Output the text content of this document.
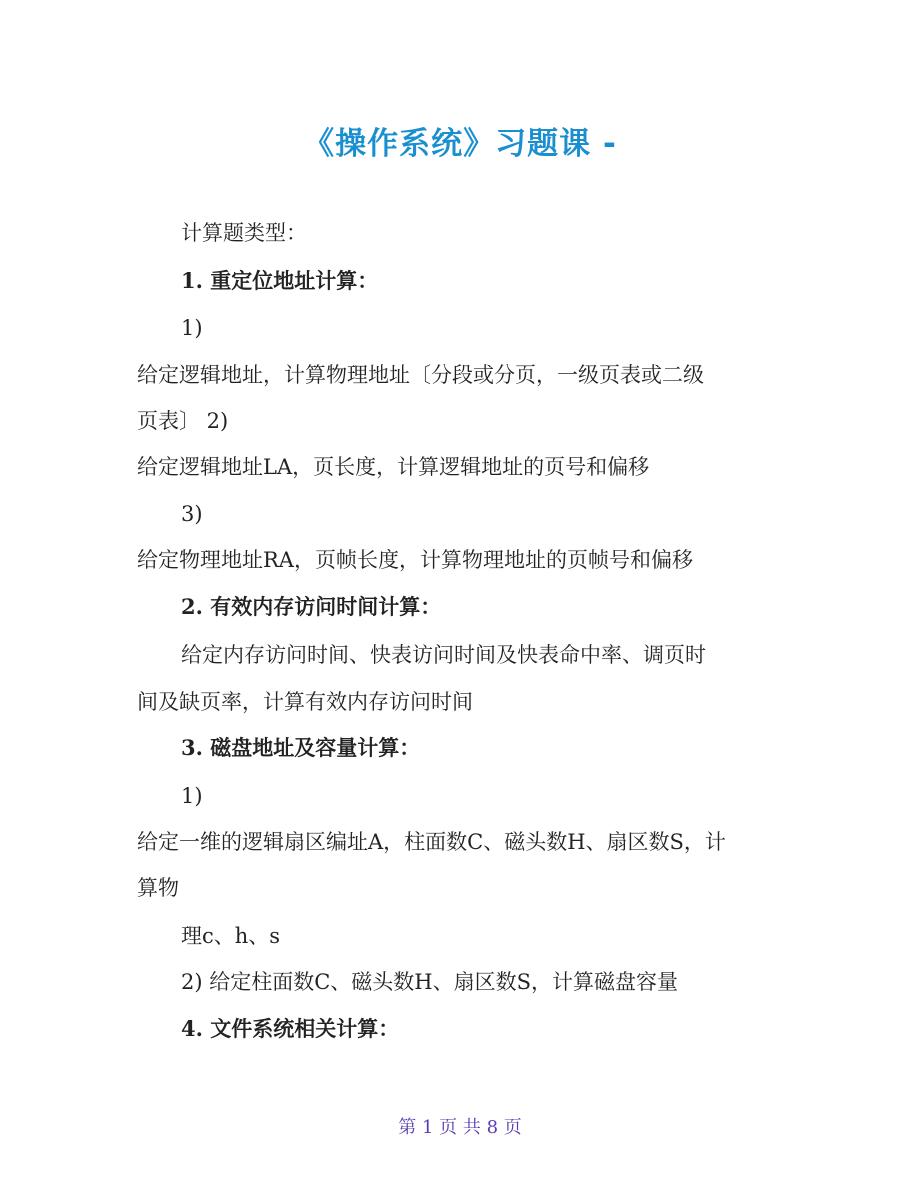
《操作系统》习题课 -
计算题类型：
1. 重定位地址计算：
1)
给定逻辑地址，计算物理地址〔分段或分页，一级页表或二级
页表〕 2)
给定逻辑地址LA，页长度，计算逻辑地址的页号和偏移
3)
给定物理地址RA，页帧长度，计算物理地址的页帧号和偏移
2. 有效内存访问时间计算：
给定内存访问时间、快表访问时间及快表命中率、调页时
间及缺页率，计算有效内存访问时间
3. 磁盘地址及容量计算：
1)
给定一维的逻辑扇区编址A，柱面数C、磁头数H、扇区数S，计
算物
理c、h、s
2) 给定柱面数C、磁头数H、扇区数S，计算磁盘容量
4. 文件系统相关计算：
第 1 页 共 8 页
